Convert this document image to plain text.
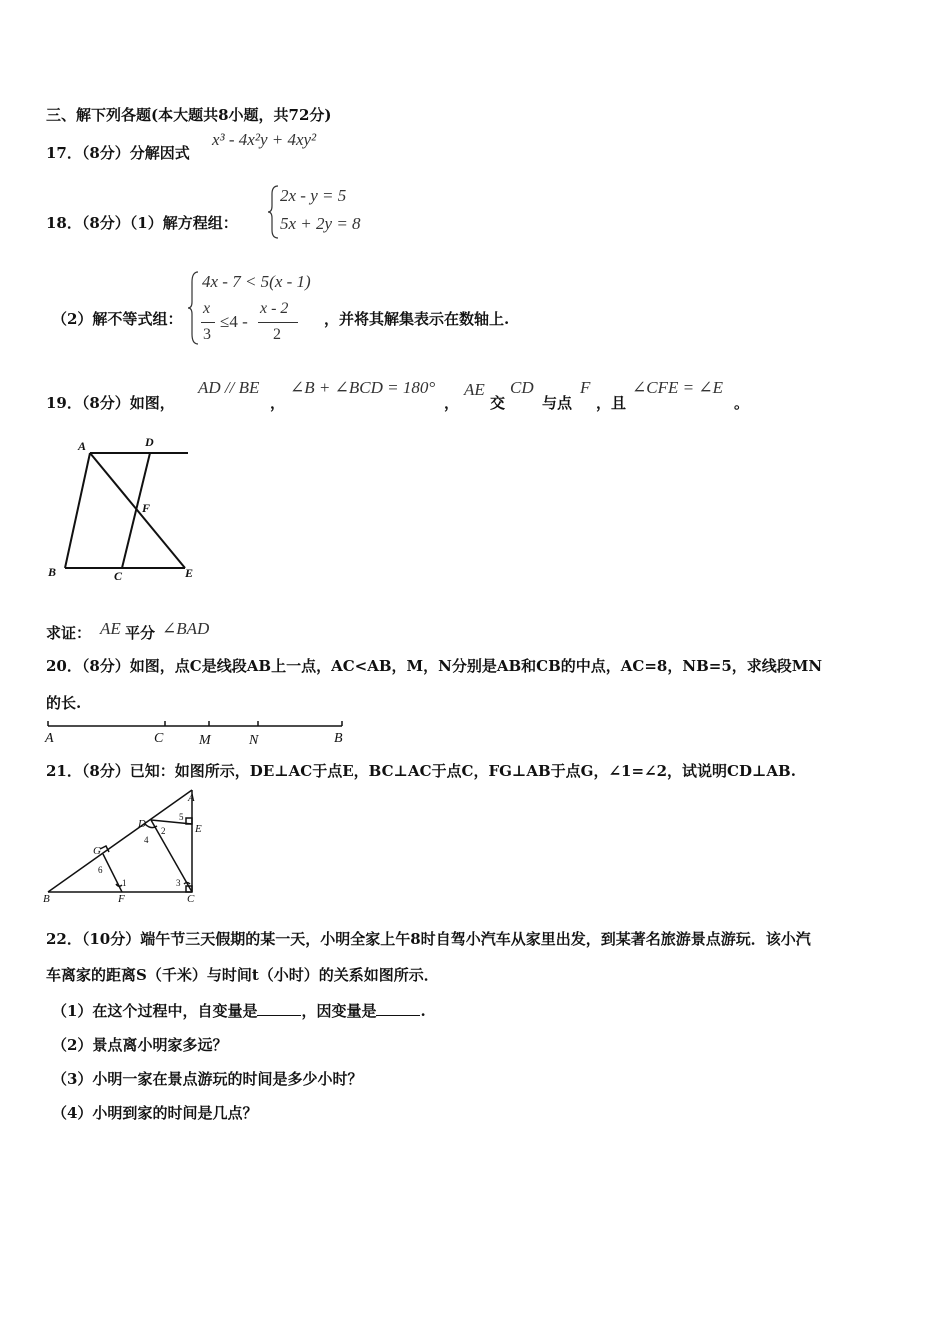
三、解下列各题(本大题共8小题，共72分)
17．（8分）分解因式
x³ - 4x²y + 4xy²
18．（8分）（1）解方程组：
2x - y = 5
5x + 2y = 8
（2）解不等式组：
4x - 7 < 5(x - 1)
x
3
≤4 -
x - 2
2
，并将其解集表示在数轴上.
19．（8分）如图，
AD // BE
，
∠B + ∠BCD = 180°
，
AE
交
CD
与点
F
，且
∠CFE = ∠E
。
A	D
F
B	C	E
求证： AE 平分 ∠BAD
20．（8分）如图，点C是线段AB上一点，AC<AB，M，N分别是AB和CB的中点，AC=8，NB=5，求线段MN
的长.
A	C	M	N	B
21．（8分）已知：如图所示，DE⊥AC于点E，BC⊥AC于点C，FG⊥AB于点G，∠1=∠2，试说明CD⊥AB.
A
D	E
G
B	F	C
1
2
3
4
5
6
22．（10分）端午节三天假期的某一天，小明全家上午8时自驾小汽车从家里出发，到某著名旅游景点游玩．该小汽
车离家的距离S（千米）与时间t（小时）的关系如图所示．
（1）在这个过程中，自变量是	，因变量是	.
（2）景点离小明家多远？
（3）小明一家在景点游玩的时间是多少小时？
（4）小明到家的时间是几点？
